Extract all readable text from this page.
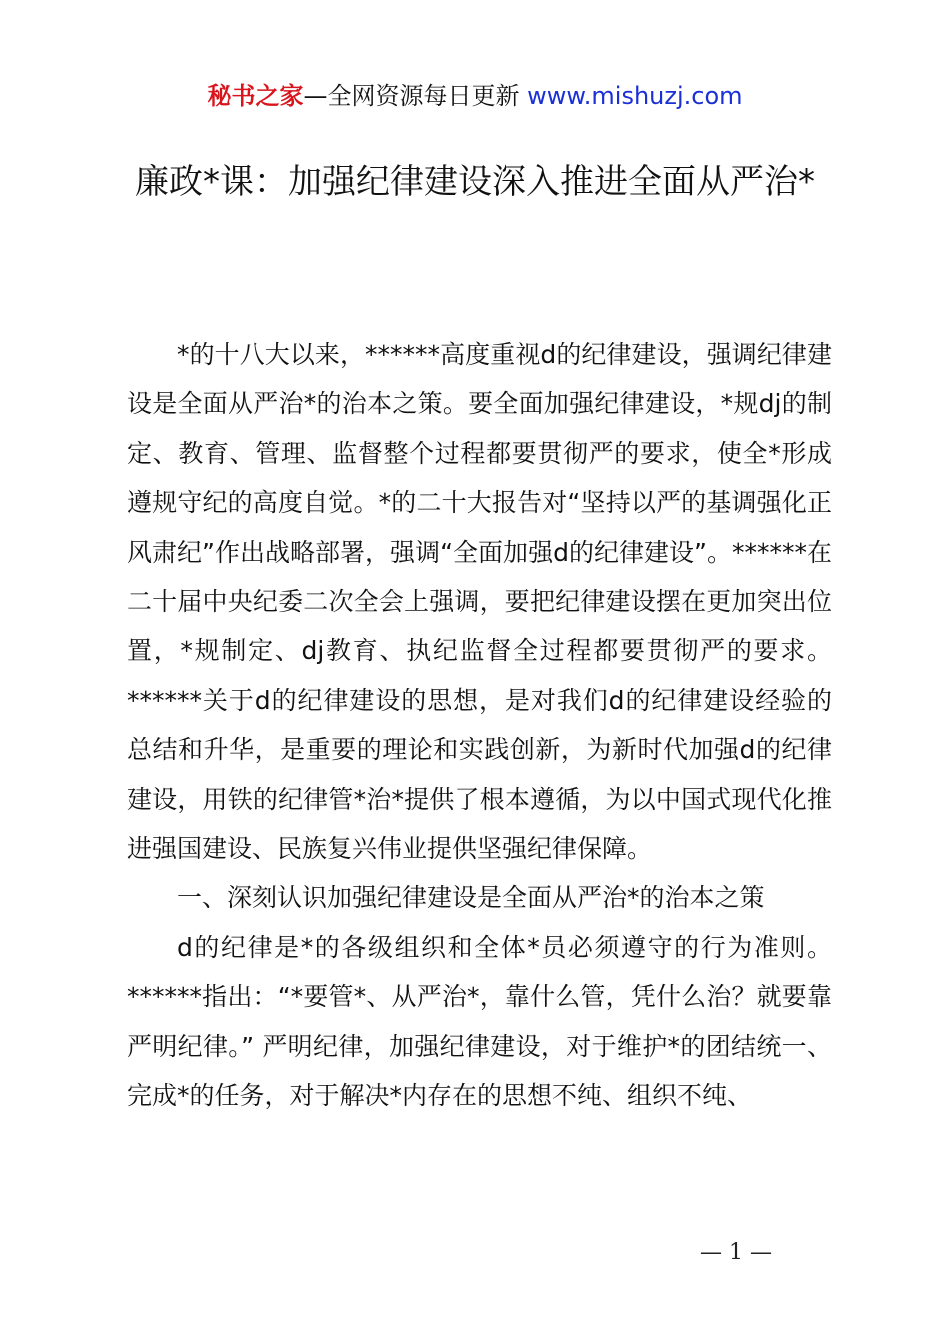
秘书之家—全网资源每日更新 www.mishuzj.com
廉政*课：加强纪律建设深入推进全面从严治*

*的十八大以来，******高度重视d的纪律建设，强调纪律建设是全面从严治*的治本之策。要全面加强纪律建设，*规dj的制定、教育、管理、监督整个过程都要贯彻严的要求，使全*形成遵规守纪的高度自觉。*的二十大报告对“坚持以严的基调强化正风肃纪”作出战略部署，强调“全面加强d的纪律建设”。******在二十届中央纪委二次全会上强调，要把纪律建设摆在更加突出位置，*规制定、dj教育、执纪监督全过程都要贯彻严的要求。******关于d的纪律建设的思想，是对我们d的纪律建设经验的总结和升华，是重要的理论和实践创新，为新时代加强d的纪律建设，用铁的纪律管*治*提供了根本遵循，为以中国式现代化推进强国建设、民族复兴伟业提供坚强纪律保障。

一、深刻认识加强纪律建设是全面从严治*的治本之策

d的纪律是*的各级组织和全体*员必须遵守的行为准则。******指出：“*要管*、从严治*，靠什么管，凭什么治？就要靠严明纪律。” 严明纪律，加强纪律建设，对于维护*的团结统一、完成*的任务，对于解决*内存在的思想不纯、组织不纯、

— 1 —
